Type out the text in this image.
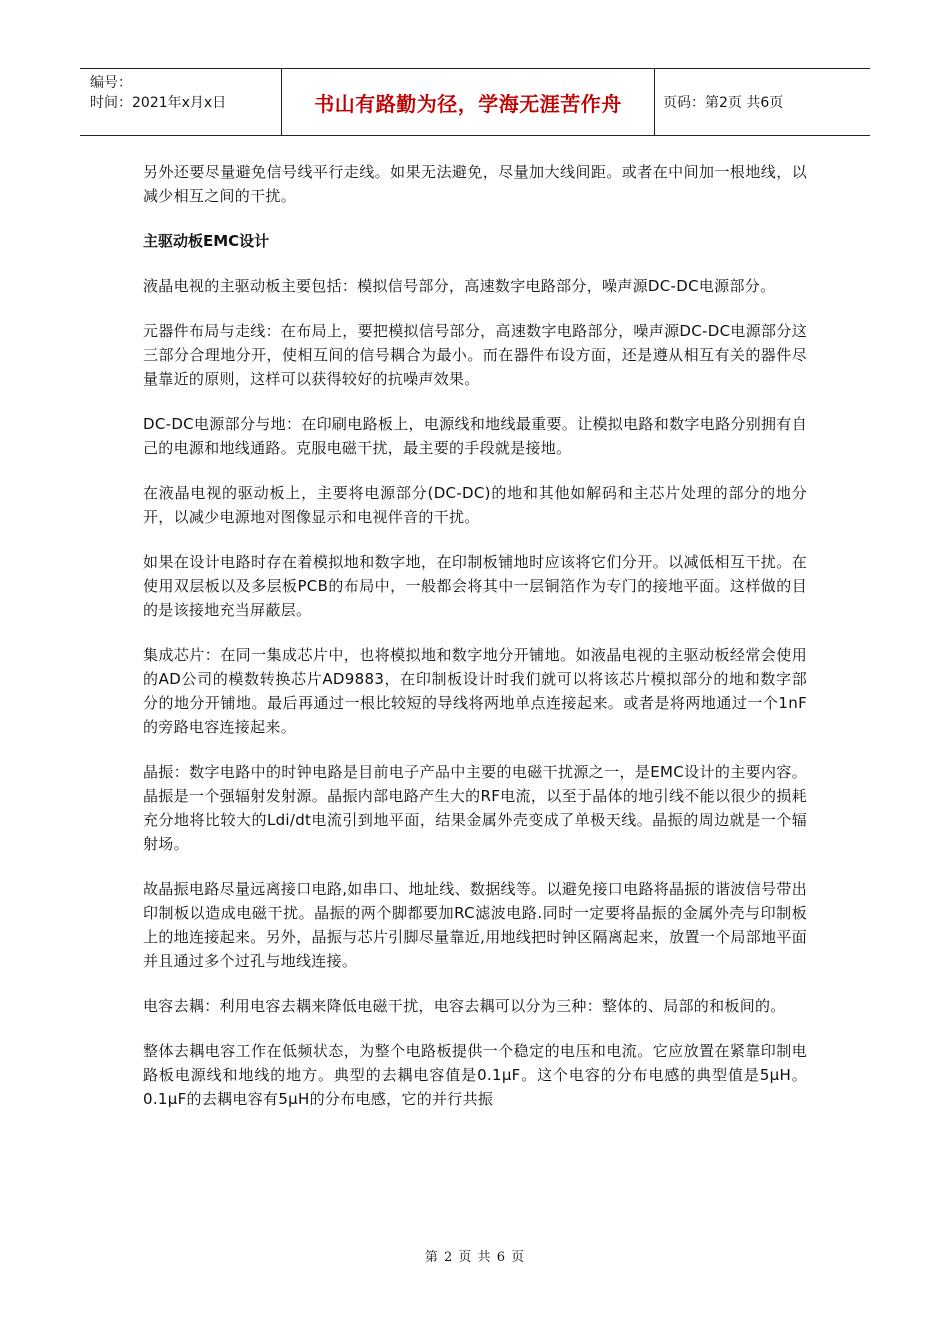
编号：
时间：2021年x月x日	书山有路勤为径，学海无涯苦作舟	页码：第2页 共6页

另外还要尽量避免信号线平行走线。如果无法避免，尽量加大线间距。或者在中间加一根地线，以减少相互之间的干扰。

主驱动板EMC设计

液晶电视的主驱动板主要包括：模拟信号部分，高速数字电路部分，噪声源DC-DC电源部分。

元器件布局与走线：在布局上，要把模拟信号部分，高速数字电路部分，噪声源DC-DC电源部分这三部分合理地分开，使相互间的信号耦合为最小。而在器件布设方面，还是遵从相互有关的器件尽量靠近的原则，这样可以获得较好的抗噪声效果。

DC-DC电源部分与地：在印刷电路板上，电源线和地线最重要。让模拟电路和数字电路分别拥有自己的电源和地线通路。克服电磁干扰，最主要的手段就是接地。

在液晶电视的驱动板上，主要将电源部分(DC-DC)的地和其他如解码和主芯片处理的部分的地分开，以减少电源地对图像显示和电视伴音的干扰。

如果在设计电路时存在着模拟地和数字地，在印制板铺地时应该将它们分开。以减低相互干扰。在使用双层板以及多层板PCB的布局中，一般都会将其中一层铜箔作为专门的接地平面。这样做的目的是该接地充当屏蔽层。

集成芯片：在同一集成芯片中，也将模拟地和数字地分开铺地。如液晶电视的主驱动板经常会使用的AD公司的模数转换芯片AD9883，在印制板设计时我们就可以将该芯片模拟部分的地和数字部分的地分开铺地。最后再通过一根比较短的导线将两地单点连接起来。或者是将两地通过一个1nF的旁路电容连接起来。

晶振：数字电路中的时钟电路是目前电子产品中主要的电磁干扰源之一，是EMC设计的主要内容。晶振是一个强辐射发射源。晶振内部电路产生大的RF电流，以至于晶体的地引线不能以很少的损耗充分地将比较大的Ldi/dt电流引到地平面，结果金属外壳变成了单极天线。晶振的周边就是一个辐射场。

故晶振电路尽量远离接口电路,如串口、地址线、数据线等。以避免接口电路将晶振的谐波信号带出印制板以造成电磁干扰。晶振的两个脚都要加RC滤波电路.同时一定要将晶振的金属外壳与印制板上的地连接起来。另外，晶振与芯片引脚尽量靠近,用地线把时钟区隔离起来，放置一个局部地平面并且通过多个过孔与地线连接。

电容去耦：利用电容去耦来降低电磁干扰，电容去耦可以分为三种：整体的、局部的和板间的。

整体去耦电容工作在低频状态，为整个电路板提供一个稳定的电压和电流。它应放置在紧靠印制电路板电源线和地线的地方。典型的去耦电容值是0.1μF。这个电容的分布电感的典型值是5μH。0.1μF的去耦电容有5μH的分布电感，它的并行共振

第 2 页 共 6 页
